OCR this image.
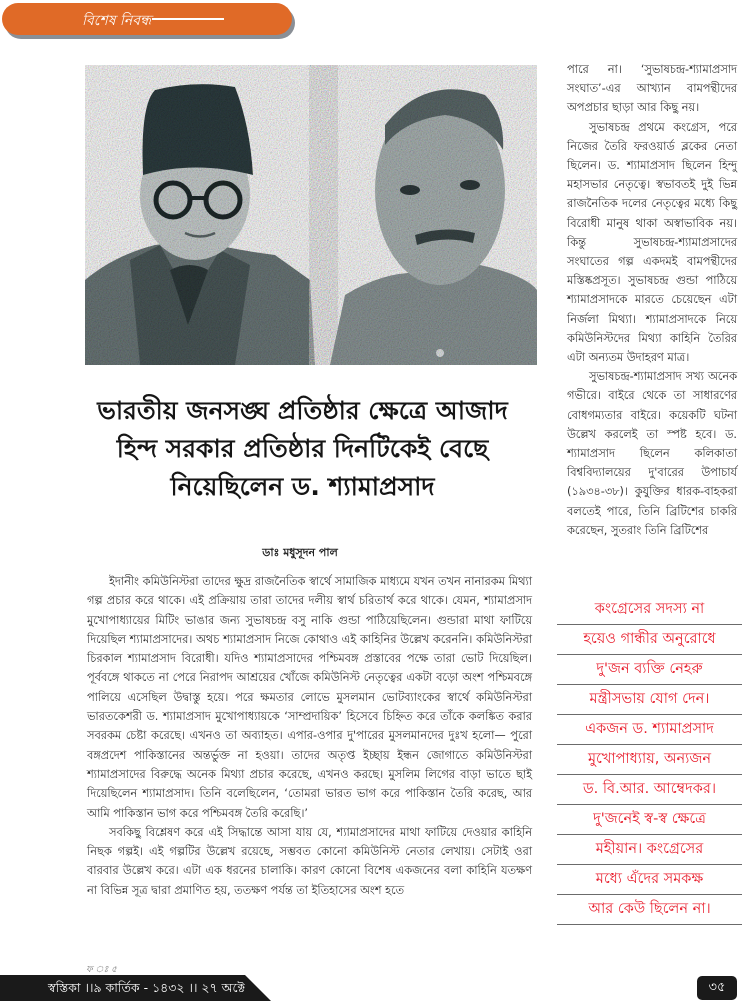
বিশেষ নিবন্ধ
ভারতীয় জনসঙ্ঘ প্রতিষ্ঠার ক্ষেত্রে আজাদ হিন্দ সরকার প্রতিষ্ঠার দিনটিকেই বেছে নিয়েছিলেন ড. শ্যামাপ্রসাদ
ডাঃ মধুসূদন পাল

ইদানীং কমিউনিস্টরা তাদের ক্ষুদ্র রাজনৈতিক স্বার্থে সামাজিক মাধ্যমে যখন তখন নানারকম মিথ্যা গল্প প্রচার করে থাকে। এই প্রক্রিয়ায় তারা তাদের দলীয় স্বার্থ চরিতার্থ করে থাকে। যেমন, শ্যামাপ্রসাদ মুখোপাধ্যায়ের মিটিং ভাঙার জন্য সুভাষচন্দ্র বসু নাকি গুন্ডা পাঠিয়েছিলেন। গুন্ডারা মাথা ফাটিয়ে দিয়েছিল শ্যামাপ্রসাদের। অথচ শ্যামাপ্রসাদ নিজে কোথাও এই কাহিনির উল্লেখ করেননি। কমিউনিস্টরা চিরকাল শ্যামাপ্রসাদ বিরোধী। যদিও শ্যামাপ্রসাদের পশ্চিমবঙ্গ প্রস্তাবের পক্ষে তারা ভোট দিয়েছিল। পূর্ববঙ্গে থাকতে না পেরে নিরাপদ আশ্রয়ের খোঁজে কমিউনিস্ট নেতৃত্বের একটা বড়ো অংশ পশ্চিমবঙ্গে পালিয়ে এসেছিল উদ্বাস্তু হয়ে। পরে ক্ষমতার লোভে মুসলমান ভোটব্যাংকের স্বার্থে কমিউনিস্টরা ভারতকেশরী ড. শ্যামাপ্রসাদ মুখোপাধ্যায়কে ‘সাম্প্রদায়িক’ হিসেবে চিহ্নিত করে তাঁকে কলঙ্কিত করার সবরকম চেষ্টা করেছে। এখনও তা অব্যাহত। এপার-ওপার দু'পারের মুসলমানদের দুঃখ হলো— পুরো বঙ্গপ্রদেশ পাকিস্তানের অন্তর্ভুক্ত না হওয়া। তাদের অতৃপ্ত ইচ্ছায় ইন্ধন জোগাতে কমিউনিস্টরা শ্যামাপ্রসাদের বিরুদ্ধে অনেক মিথ্যা প্রচার করেছে, এখনও করছে। মুসলিম লিগের বাড়া ভাতে ছাই দিয়েছিলেন শ্যামাপ্রসাদ। তিনি বলেছিলেন, ‘তোমরা ভারত ভাগ করে পাকিস্তান তৈরি করেছ, আর আমি পাকিস্তান ভাগ করে পশ্চিমবঙ্গ তৈরি করেছি।’

সবকিছু বিশ্লেষণ করে এই সিদ্ধান্তে আসা যায় যে, শ্যামাপ্রসাদের মাথা ফাটিয়ে দেওয়ার কাহিনি নিছক গল্পই। এই গল্পটির উল্লেখ রয়েছে, সম্ভবত কোনো কমিউনিস্ট নেতার লেখায়। সেটাই ওরা বারবার উল্লেখ করে। এটা এক ধরনের চালাকি। কারণ কোনো বিশেষ একজনের বলা কাহিনি যতক্ষণ না বিভিন্ন সূত্র দ্বারা প্রমাণিত হয়, ততক্ষণ পর্যন্ত তা ইতিহাসের অংশ হতে

পারে না। ‘সুভাষচন্দ্র-শ্যামাপ্রসাদ সংঘাত’-এর আখ্যান বামপন্থীদের অপপ্রচার ছাড়া আর কিছু নয়।

সুভাষচন্দ্র প্রথমে কংগ্রেস, পরে নিজের তৈরি ফরওয়ার্ড ব্লকের নেতা ছিলেন। ড. শ্যামাপ্রসাদ ছিলেন হিন্দু মহাসভার নেতৃত্বে। স্বভাবতই দুই ভিন্ন রাজনৈতিক দলের নেতৃত্বের মধ্যে কিছু বিরোধী মানুষ থাকা অস্বাভাবিক নয়। কিন্তু সুভাষচন্দ্র-শ্যামাপ্রসাদের সংঘাতের গল্প একদমই বামপন্থীদের মস্তিষ্কপ্রসূত। সুভাষচন্দ্র গুন্ডা পাঠিয়ে শ্যামাপ্রসাদকে মারতে চেয়েছেন এটা নির্জলা মিথ্যা। শ্যামাপ্রসাদকে নিয়ে কমিউনিস্টদের মিথ্যা কাহিনি তৈরির এটা অন্যতম উদাহরণ মাত্র।

সুভাষচন্দ্র-শ্যামাপ্রসাদ সখ্য অনেক গভীরে। বাইরে থেকে তা সাধারণের বোধগম্যতার বাইরে। কয়েকটি ঘটনা উল্লেখ করলেই তা স্পষ্ট হবে। ড. শ্যামাপ্রসাদ ছিলেন কলিকাতা বিশ্ববিদ্যালয়ের দু'বারের উপাচার্য (১৯৩৪-৩৮)। কুযুক্তির ধারক-বাহকরা বলতেই পারে, তিনি ব্রিটিশের চাকরি করেছেন, সুতরাং তিনি ব্রিটিশের

কংগ্রেসের সদস্য না
হয়েও গান্ধীর অনুরোধে
দু'জন ব্যক্তি নেহরু
মন্ত্রীসভায় যোগ দেন।
একজন ড. শ্যামাপ্রসাদ
মুখোপাধ্যায়, অন্যজন
ড. বি.আর. আম্বেদকর।
দু'জনেই স্ব-স্ব ক্ষেত্রে
মহীয়ান। কংগ্রেসের
মধ্যে এঁদের সমকক্ষ
আর কেউ ছিলেন না।
ফ ঃ ৫
স্বস্তিকা ।।৯ কার্তিক - ১৪৩২ ।। ২৭ অক্টোবর - ২০২৫	৩৫
